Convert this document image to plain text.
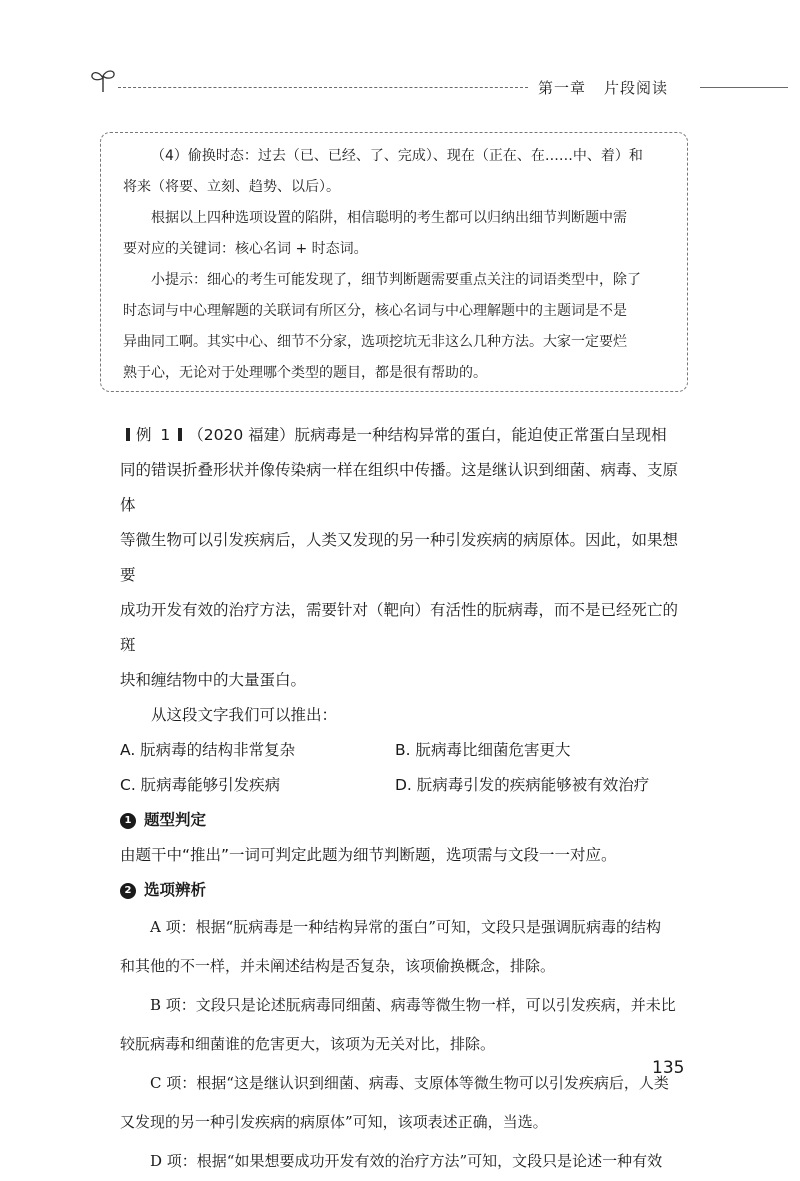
第一章 片段阅读

（4）偷换时态：过去（已、已经、了、完成）、现在（正在、在……中、着）和

将来（将要、立刻、趋势、以后）。

根据以上四种选项设置的陷阱，相信聪明的考生都可以归纳出细节判断题中需

要对应的关键词：核心名词 + 时态词。

小提示：细心的考生可能发现了，细节判断题需要重点关注的词语类型中，除了

时态词与中心理解题的关联词有所区分，核心名词与中心理解题中的主题词是不是

异曲同工啊。其实中心、细节不分家，选项挖坑无非这么几种方法。大家一定要烂

熟于心，无论对于处理哪个类型的题目，都是很有帮助的。

例 1 （2020 福建）朊病毒是一种结构异常的蛋白，能迫使正常蛋白呈现相

同的错误折叠形状并像传染病一样在组织中传播。这是继认识到细菌、病毒、支原体

等微生物可以引发疾病后，人类又发现的另一种引发疾病的病原体。因此，如果想要

成功开发有效的治疗方法，需要针对（靶向）有活性的朊病毒，而不是已经死亡的斑

块和缠结物中的大量蛋白。

从这段文字我们可以推出：

A. 朊病毒的结构非常复杂	B. 朊病毒比细菌危害更大
C. 朊病毒能够引发疾病	D. 朊病毒引发的疾病能够被有效治疗
1 题型判定

由题干中“推出”一词可判定此题为细节判断题，选项需与文段一一对应。

2 选项辨析

A 项：根据“朊病毒是一种结构异常的蛋白”可知，文段只是强调朊病毒的结构

和其他的不一样，并未阐述结构是否复杂，该项偷换概念，排除。

B 项：文段只是论述朊病毒同细菌、病毒等微生物一样，可以引发疾病，并未比

较朊病毒和细菌谁的危害更大，该项为无关对比，排除。

C 项：根据“这是继认识到细菌、病毒、支原体等微生物可以引发疾病后，人类

又发现的另一种引发疾病的病原体”可知，该项表述正确，当选。

D 项：根据“如果想要成功开发有效的治疗方法”可知，文段只是论述一种有效

135
